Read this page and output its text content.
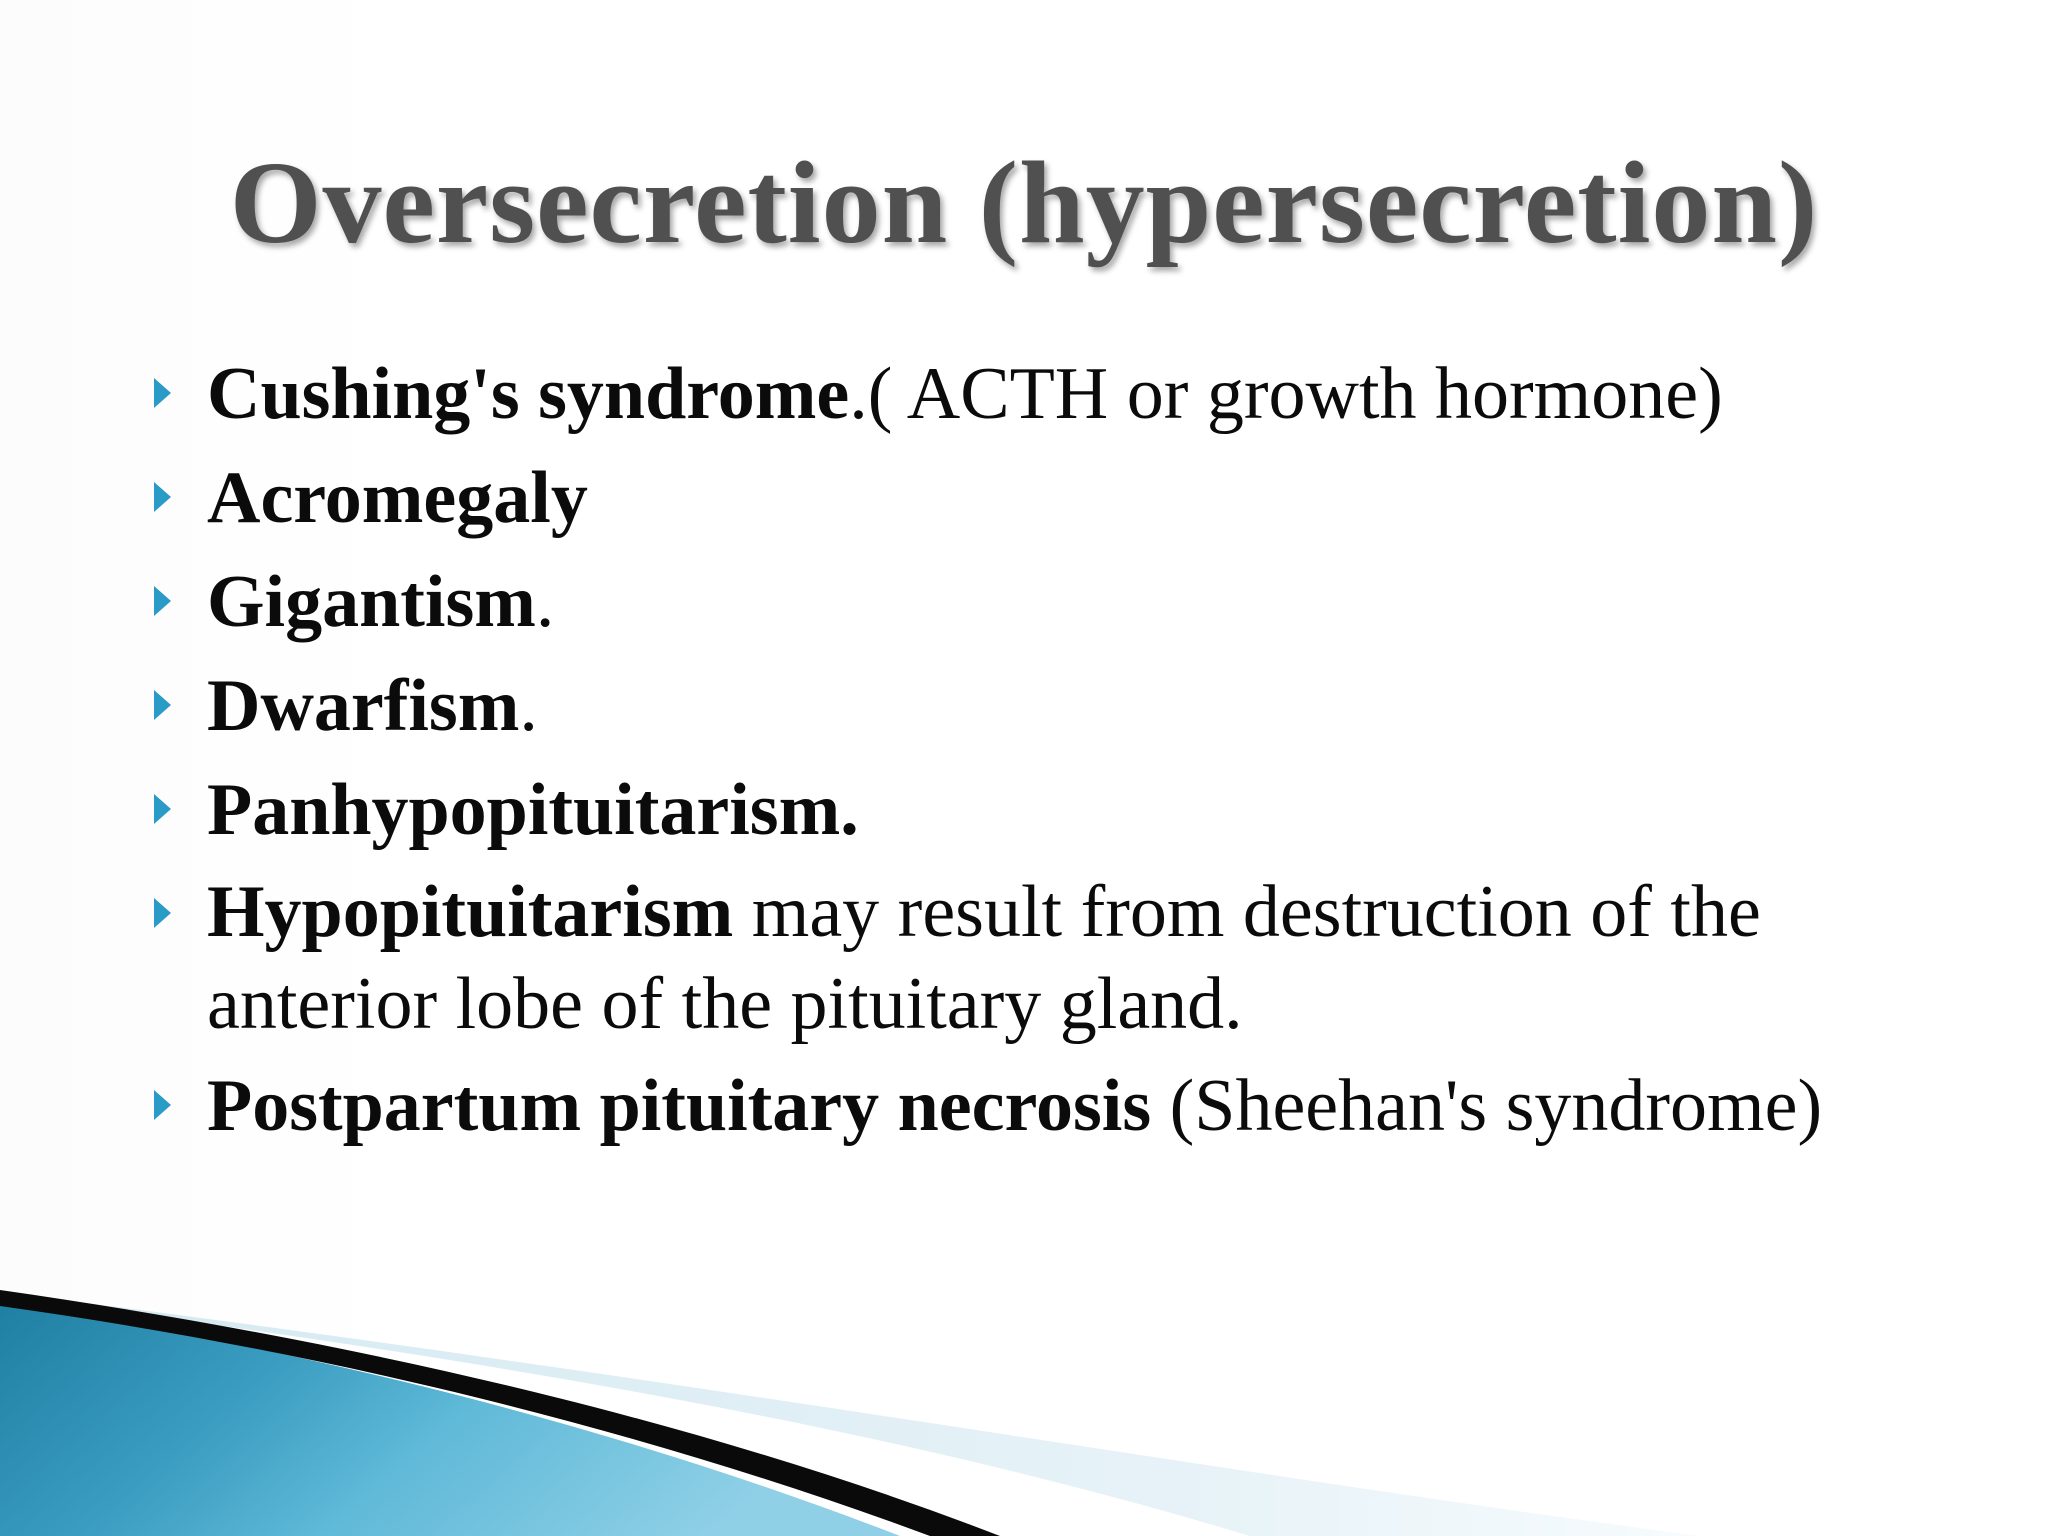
Oversecretion (hypersecretion)
Cushing's syndrome.( ACTH or growth hormone)
Acromegaly
Gigantism.
Dwarfism.
Panhypopituitarism.
Hypopituitarism may result from destruction of the anterior lobe of the pituitary gland.
Postpartum pituitary necrosis (Sheehan's syndrome)
